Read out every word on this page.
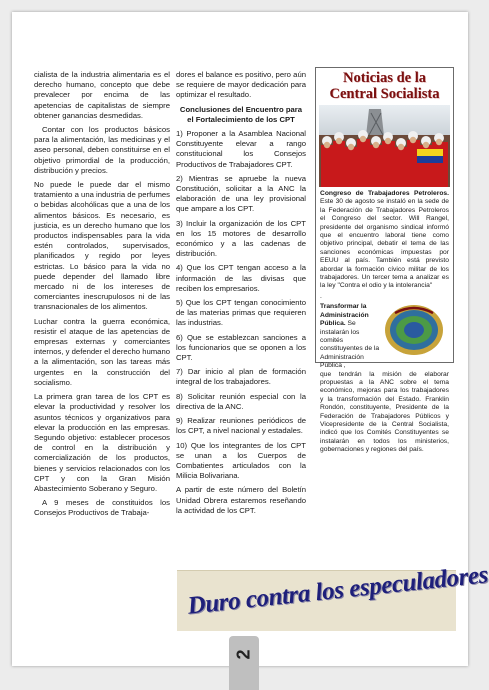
cialista de la industria alimentaria es el derecho humano, concepto que debe prevalecer por encima de las apetencias de capitalistas de siempre obtener ganancias desmedidas.

Contar con los productos básicos para la alimentación, las medicinas y el aseo personal, deben constituirse en el objetivo primordial de la producción, distribución y precios.

No puede le puede dar el mismo tratamiento a una industria de perfumes o bebidas alcohólicas que a una de los alimentos básicos. Es necesario, es justicia, es un derecho humano que los productos indispensables para la vida estén controlados, supervisados, planificados y regido por leyes estrictas. Lo básico para la vida no puede depender del llamado libre mercado ni de los intereses de comerciantes inescrupulosos ni de las transnacionales de los alimentos.

Luchar contra la guerra económica, resistir el ataque de las apetencias de empresas externas y comerciantes internos, y defender el derecho humano a la alimentación, son las tareas más urgentes en la construcción del socialismo.

La primera gran tarea de los CPT es elevar la productividad y resolver los asuntos técnicos y organizativos para elevar la producción en las empresas. Segundo objetivo: establecer procesos de control en la distribución y comercialización de los productos, bienes y servicios relacionados con los CPT y con la Gran Misión Abastecimiento Soberano y Seguro.

A 9 meses de constituidos los Consejos Productivos de Trabaja-

dores el balance es positivo, pero aún se requiere de mayor dedicación para optimizar el resultado.

Conclusiones del Encuentro para el Fortalecimiento de los CPT

1) Proponer a la Asamblea Nacional Constituyente elevar a rango constitucional los Consejos Productivos de Trabajadores CPT.

2) Mientras se apruebe la nueva Constitución, solicitar a la ANC la elaboración de una ley provisional que ampare a los CPT.

3) Incluir la organización de los CPT en los 15 motores de desarrollo económico y a las cadenas de distribución.

4) Que los CPT tengan acceso a la información de las divisas que reciben los empresarios.

5) Que los CPT tengan conocimiento de las materias primas que requieren las industrias.

6) Que se establezcan sanciones a los funcionarios que se oponen a los CPT.

7) Dar inicio al plan de formación integral de los trabajadores.

8) Solicitar reunión especial con la directiva de la ANC.

9) Realizar reuniones periódicos de los CPT, a nivel nacional y estadales.

10) Que los integrantes de los CPT se unan a los Cuerpos de Combatientes articulados con la Milicia Bolivariana.

A partir de este número del Boletín Unidad Obrera estaremos reseñando la actividad de los CPT.

Noticias de la
Central Socialista

Congreso de Trabajadores Petroleros. Este 30 de agosto se instaló en la sede de la Federación de Trabajadores Petroleros el Congreso del sector. Will Rangel, presidente del organismo sindical informó que el encuentro laboral tiene como objetivo principal, debatir el tema de las sanciones económicas impuestas por EEUU al país. También está previsto abordar la formación cívico militar de los trabajadores. Un tercer tema a analizar es la ley "Contra el odio y la intolerancia"

.

Transformar la Administración Pública. Se instalarán los comités constituyentes de la Administración Pública ,

que tendrán la misión de elaborar propuestas a la ANC sobre el tema económico, mejoras para los trabajadores y la transformación del Estado. Franklin Rondón, constituyente, Presidente de la Federación de Trabajadores Públicos y Vicepresidente de la Central Socialista, indicó que los Comités Constituyentes se instalarán en todos los ministerios, gobernaciones y regiones del país.

Duro contra los especuladores
2
